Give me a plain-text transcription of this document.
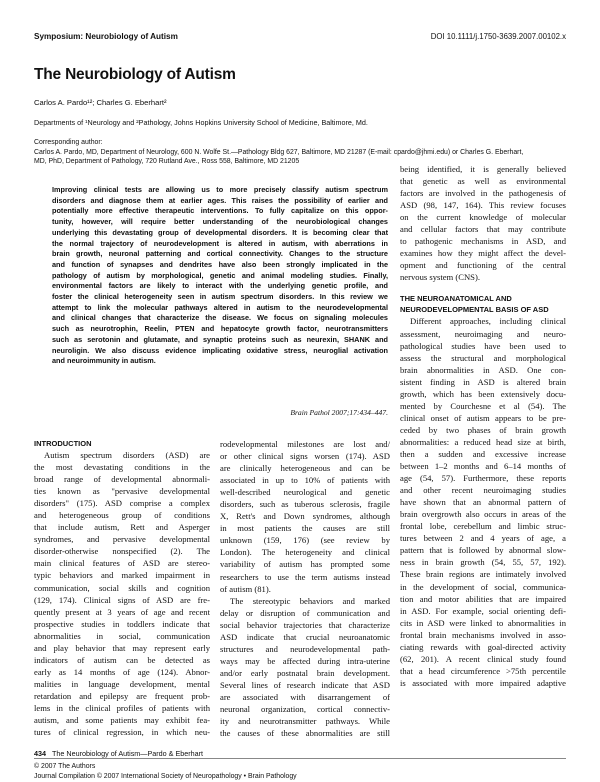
Symposium: Neurobiology of Autism	DOI 10.1111/j.1750-3639.2007.00102.x
The Neurobiology of Autism
Carlos A. Pardo¹²; Charles G. Eberhart²
Departments of ¹Neurology and ²Pathology, Johns Hopkins University School of Medicine, Baltimore, Md.
Corresponding author:
Carlos A. Pardo, MD, Department of Neurology, 600 N. Wolfe St.—Pathology Bldg 627, Baltimore, MD 21287 (E-mail: cpardo@jhmi.edu) or Charles G. Eberhart,
MD, PhD, Department of Pathology, 720 Rutland Ave., Ross 558, Baltimore, MD 21205
Improving clinical tests are allowing us to more precisely classify autism spectrum
disorders and diagnose them at earlier ages. This raises the possibility of earlier and
potentially more effective therapeutic interventions. To fully capitalize on this oppor-
tunity, however, will require better understanding of the neurobiological changes
underlying this devastating group of developmental disorders. It is becoming clear that
the normal trajectory of neurodevelopment is altered in autism, with aberrations in
brain growth, neuronal patterning and cortical connectivity. Changes to the structure
and function of synapses and dendrites have also been strongly implicated in the
pathology of autism by morphological, genetic and animal modeling studies. Finally,
environmental factors are likely to interact with the underlying genetic profile, and
foster the clinical heterogeneity seen in autism spectrum disorders. In this review we
attempt to link the molecular pathways altered in autism to the neurodevelopmental
and clinical changes that characterize the disease. We focus on signaling molecules
such as neurotrophin, Reelin, PTEN and hepatocyte growth factor, neurotransmitters
such as serotonin and glutamate, and synaptic proteins such as neurexin, SHANK and
neuroligin. We also discuss evidence implicating oxidative stress, neuroglial activation
and neuroimmunity in autism.
Brain Pathol 2007;17:434–447.
INTRODUCTION
Autism spectrum disorders (ASD) are
the most devastating conditions in the
broad range of developmental abnormali-
ties known as "pervasive developmental
disorders" (175). ASD comprise a complex
and heterogeneous group of conditions
that include autism, Rett and Asperger
syndromes, and pervasive developmental
disorder-otherwise nonspecified (2). The
main clinical features of ASD are stereo-
typic behaviors and marked impairment in
communication, social skills and cognition
(129, 174). Clinical signs of ASD are fre-
quently present at 3 years of age and recent
prospective studies in toddlers indicate that
abnormalities in social, communication
and play behavior that may represent early
indicators of autism can be detected as
early as 14 months of age (124). Abnor-
malities in language development, mental
retardation and epilepsy are frequent prob-
lems in the clinical profiles of patients with
autism, and some patients may exhibit fea-
tures of clinical regression, in which neu-
rodevelopmental milestones are lost and/
or other clinical signs worsen (174). ASD
are clinically heterogeneous and can be
associated in up to 10% of patients with
well-described neurological and genetic
disorders, such as tuberous sclerosis, fragile
X, Rett's and Down syndromes, although
in most patients the causes are still
unknown (159, 176) (see review by
London). The heterogeneity and clinical
variability of autism has prompted some
researchers to use the term autisms instead
of autism (81).
The stereotypic behaviors and marked
delay or disruption of communication and
social behavior trajectories that characterize
ASD indicate that crucial neuroanatomic
structures and neurodevelopmental path-
ways may be affected during intra-uterine
and/or early postnatal brain development.
Several lines of research indicate that ASD
are associated with disarrangement of
neuronal organization, cortical connectiv-
ity and neurotransmitter pathways. While
the causes of these abnormalities are still
being identified, it is generally believed
that genetic as well as environmental
factors are involved in the pathogenesis of
ASD (98, 147, 164). This review focuses
on the current knowledge of molecular
and cellular factors that may contribute
to pathogenic mechanisms in ASD, and
examines how they might affect the devel-
opment and functioning of the central
nervous system (CNS).
THE NEUROANATOMICAL AND
NEURODEVELOPMENTAL BASIS OF ASD
Different approaches, including clinical
assessment, neuroimaging and neuro-
pathological studies have been used to
assess the structural and morphological
brain abnormalities in ASD. One con-
sistent finding in ASD is altered brain
growth, which has been extensively docu-
mented by Courchesne et al (54). The
clinical onset of autism appears to be pre-
ceded by two phases of brain growth
abnormalities: a reduced head size at birth,
then a sudden and excessive increase
between 1–2 months and 6–14 months of
age (54, 57). Furthermore, these reports
and other recent neuroimaging studies
have shown that an abnormal pattern of
brain overgrowth also occurs in areas of the
frontal lobe, cerebellum and limbic struc-
tures between 2 and 4 years of age, a
pattern that is followed by abnormal slow-
ness in brain growth (54, 55, 57, 192).
These brain regions are intimately involved
in the development of social, communica-
tion and motor abilities that are impaired
in ASD. For example, social orienting defi-
cits in ASD were linked to abnormalities in
frontal brain mechanisms involved in asso-
ciating rewards with goal-directed activity
(62, 201). A recent clinical study found
that a head circumference >75th percentile
is associated with more impaired adaptive
434 The Neurobiology of Autism—Pardo & Eberhart
© 2007 The Authors
Journal Compilation © 2007 International Society of Neuropathology • Brain Pathology
